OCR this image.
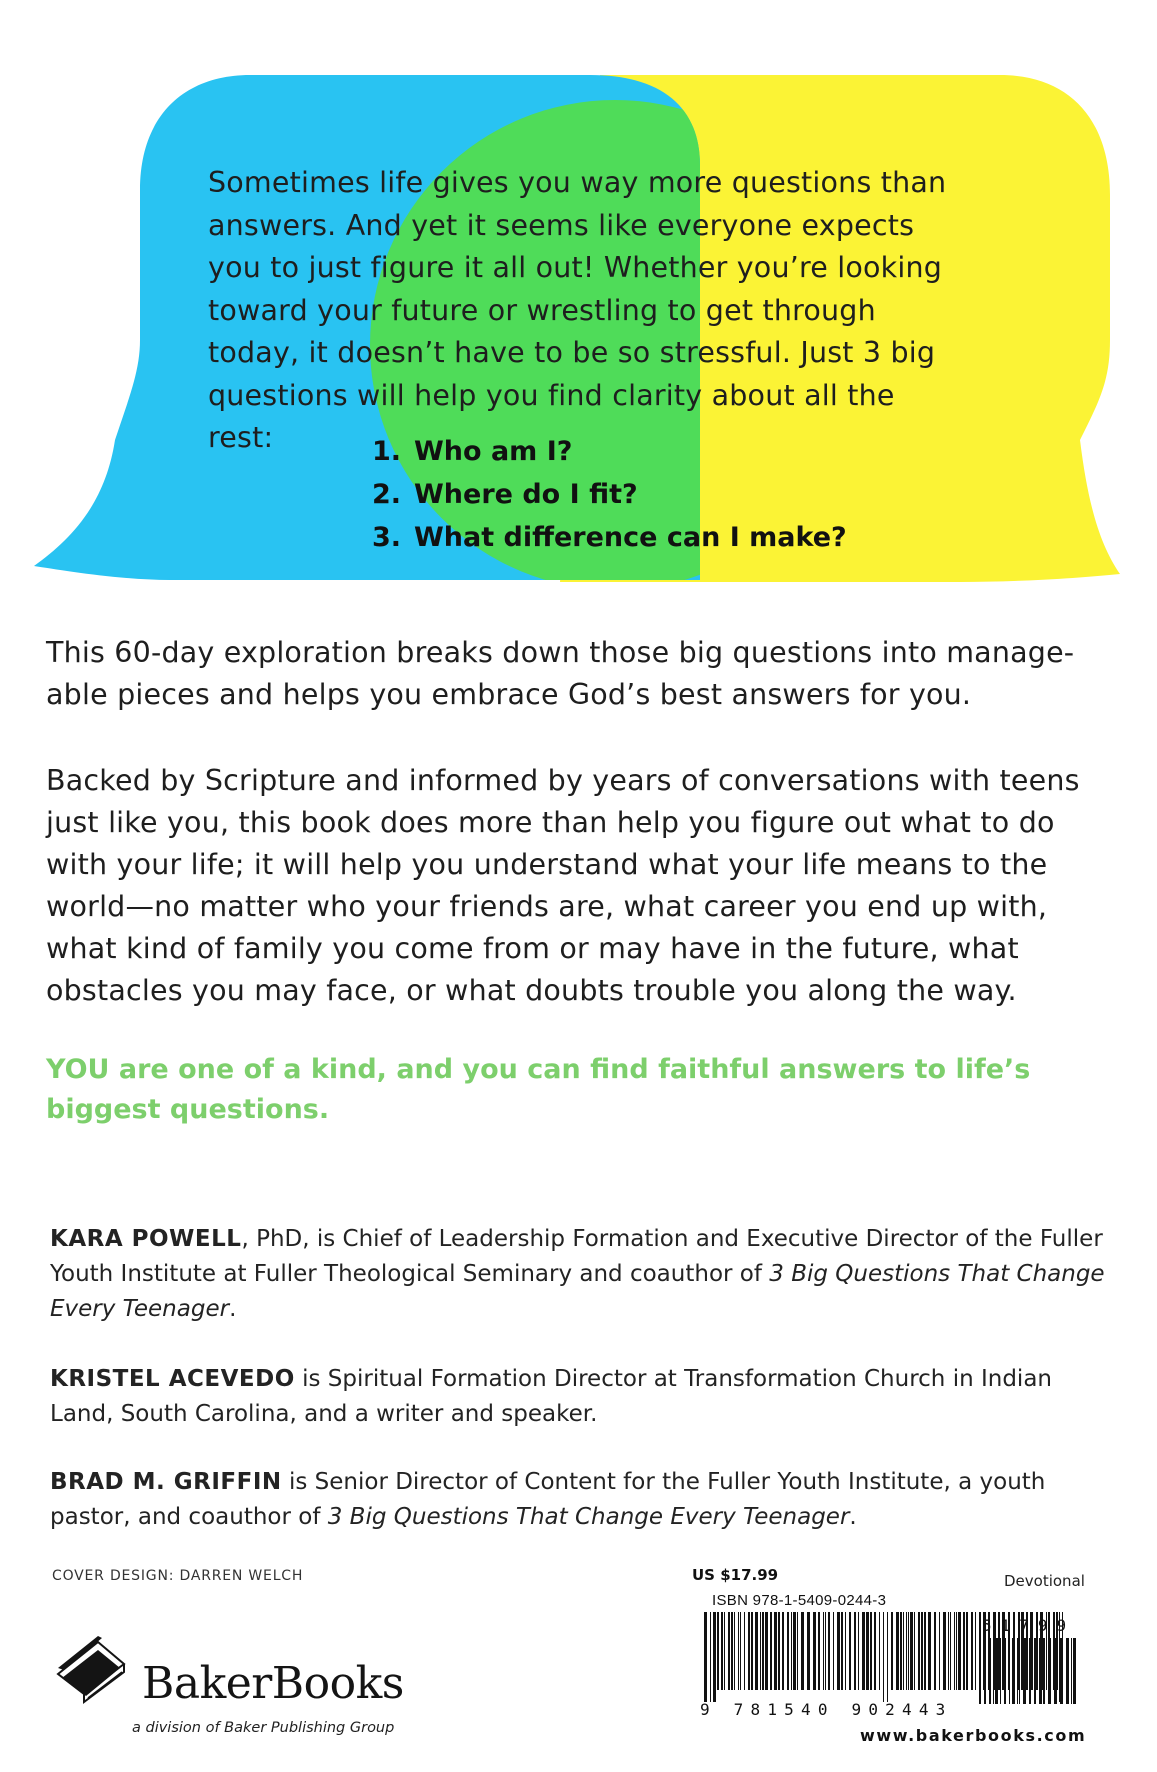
Sometimes life gives you way more questions than answers. And yet it seems like everyone expects you to just figure it all out! Whether you’re looking toward your future or wrestling to get through today, it doesn’t have to be so stressful. Just 3 big questions will help you find clarity about all the rest:	1. Who am I?
2. Where do I fit?
3. What difference can I make?
This 60-day exploration breaks down those big questions into manage-able pieces and helps you embrace God’s best answers for you.
Backed by Scripture and informed by years of conversations with teens just like you, this book does more than help you figure out what to do with your life; it will help you understand what your life means to the world—no matter who your friends are, what career you end up with, what kind of family you come from or may have in the future, what obstacles you may face, or what doubts trouble you along the way.
YOU are one of a kind, and you can find faithful answers to life’s biggest questions.
KARA POWELL, PhD, is Chief of Leadership Formation and Executive Director of the Fuller Youth Institute at Fuller Theological Seminary and coauthor of 3 Big Questions That Change Every Teenager.
KRISTEL ACEVEDO is Spiritual Formation Director at Transformation Church in Indian Land, South Carolina, and a writer and speaker.
BRAD M. GRIFFIN is Senior Director of Content for the Fuller Youth Institute, a youth pastor, and coauthor of 3 Big Questions That Change Every Teenager.
COVER DESIGN: DARREN WELCH
BakerBooks
a division of Baker Publishing Group
US $17.99
ISBN 978-1-5409-0244-3
Devotional
9 781540 902443
51799
www.bakerbooks.com
